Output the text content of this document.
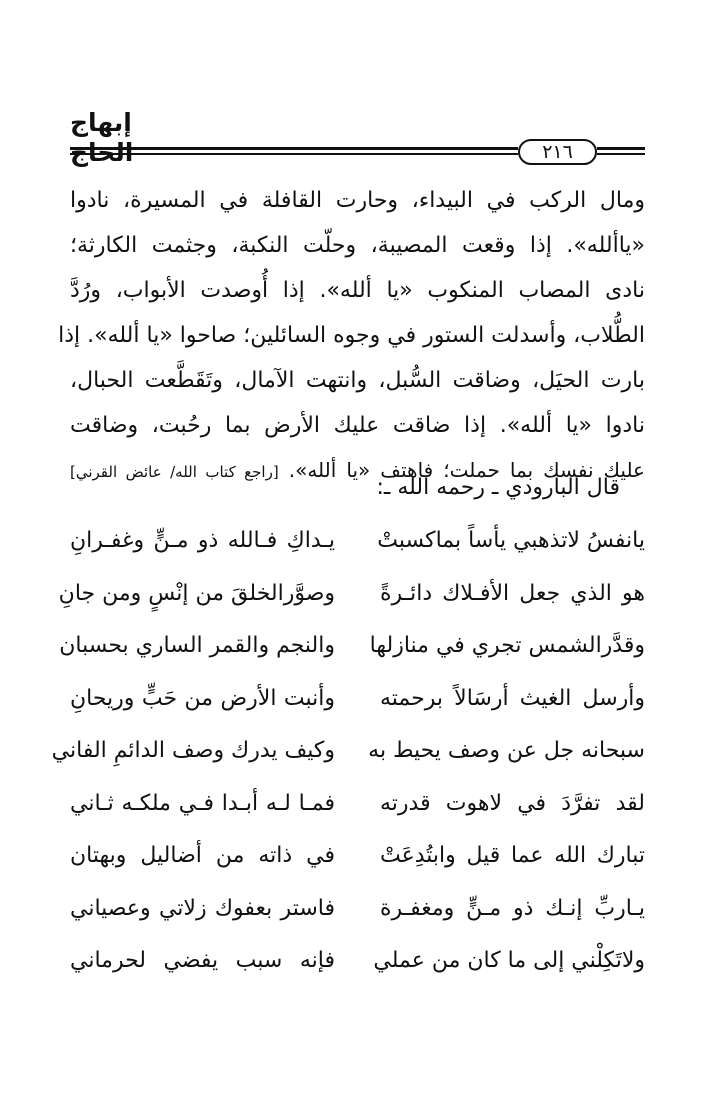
إبهاج
٢١٦
ومال الركب في البيداء، وحارت القافلة في المسيرة، نادوا
«ياألله». إذا وقعت المصيبة، وحلّت النكبة، وجثمت الكارثة؛
نادى المصاب المنكوب «يا ألله». إذا أُوصدت الأبواب، ورُدَّ
الطُّلاب، وأسدلت الستور في وجوه السائلين؛ صاحوا «يا ألله». إذا
بارت الحيَل، وضاقت السُّبل، وانتهت الآمال، وتَقَطَّعت الحبال،
نادوا «يا ألله». إذا ضاقت عليك الأرض بما رحُبت، وضاقت
عليك نفسك بما حملت؛ فاهتف «يا ألله». [راجع كتاب الله/ عائض القرني]
قال البارودي ـ رحمه الله ـ:
يانفسُ لاتذهبي يأساً بماكسبتْ
يـداكِ فـالله ذو مـنٍّ وغفـرانِ
هو الذي جعل الأفـلاك دائـرةً
وصوَّرالخلقَ من إنْسٍ ومن جانِ
وقدَّرالشمس تجري في منازلها
والنجم والقمر الساري بحسبان
وأرسل الغيث أرسَالاً برحمته
وأنبت الأرض من حَبٍّ وريحانِ
سبحانه جل عن وصف يحيط به
وكيف يدرك وصف الدائمِ الفاني
لقد تفرَّدَ في لاهوت قدرته
فمـا لـه أبـدا فـي ملكـه ثـاني
تبارك الله عما قيل وابتُدِعَتْ
في ذاته من أضاليل وبهتان
يـاربِّ إنـك ذو مـنٍّ ومغفـرة
فاستر بعفوك زلاتي وعصياني
ولاتَكِلْني إلى ما كان من عملي
فإنه سبب يفضي لحرماني
